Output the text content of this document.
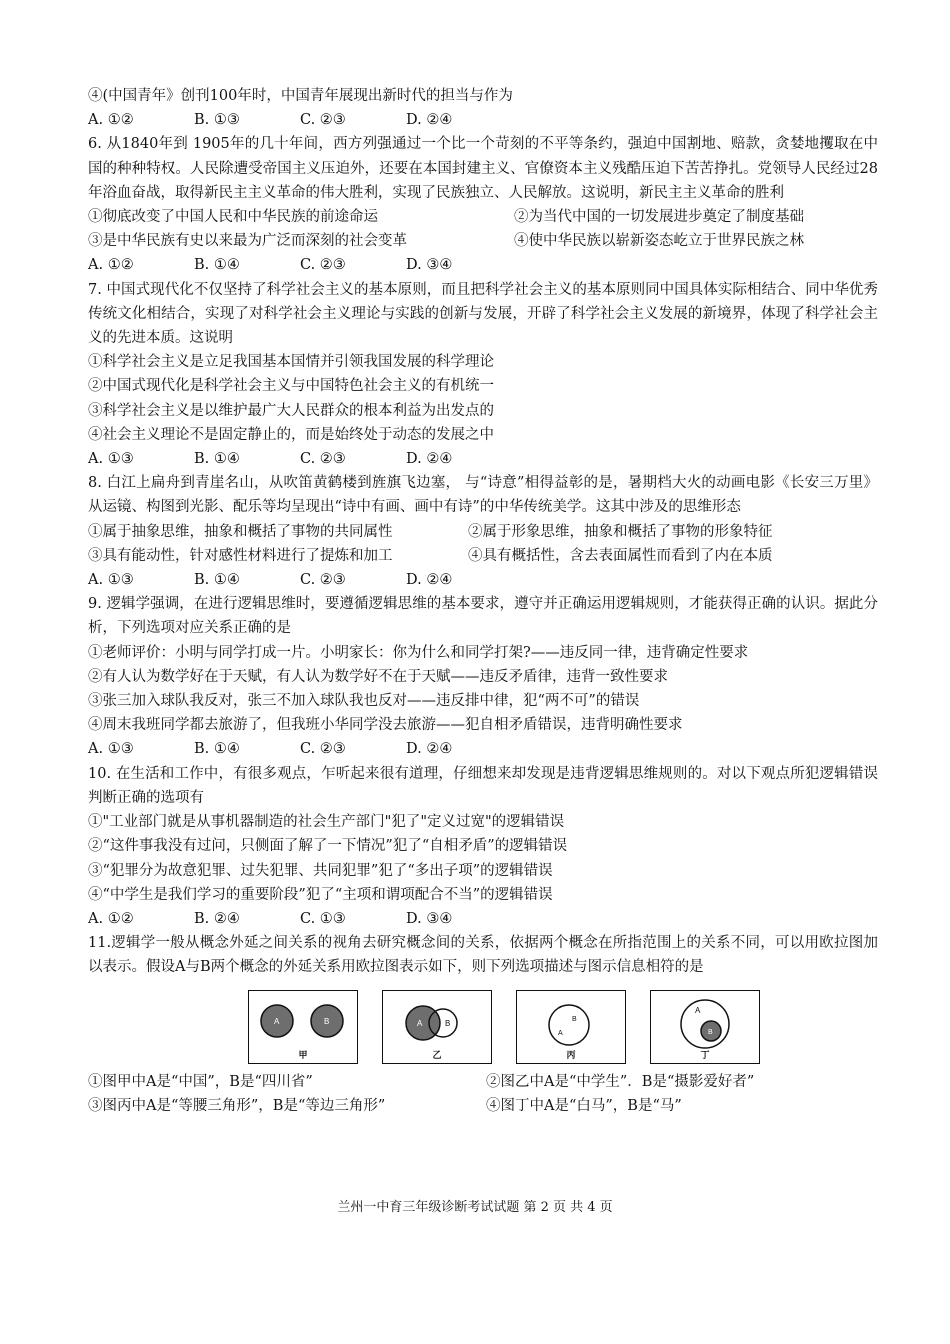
④(中国青年》创刊100年时，中国青年展现出新时代的担当与作为
A. ①②	B. ①③	C. ②③	D. ②④
6. 从1840年到 1905年的几十年间，西方列强通过一个比一个苛刻的不平等条约，强迫中国割地、赔款，贪婪地攫取在中国的种种特权。人民除遭受帝国主义压迫外，还要在本国封建主义、官僚资本主义残酷压迫下苦苦挣扎。党领导人民经过28年浴血奋战，取得新民主主义革命的伟大胜利，实现了民族独立、人民解放。这说明，新民主主义革命的胜利
①彻底改变了中国人民和中华民族的前途命运	②为当代中国的一切发展进步奠定了制度基础
③是中华民族有史以来最为广泛而深刻的社会变革	④使中华民族以崭新姿态屹立于世界民族之林
A. ①②	B. ①④	C. ②③	D. ③④
7. 中国式现代化不仅坚持了科学社会主义的基本原则，而且把科学社会主义的基本原则同中国具体实际相结合、同中华优秀传统文化相结合，实现了对科学社会主义理论与实践的创新与发展，开辟了科学社会主义发展的新境界，体现了科学社会主义的先进本质。这说明
①科学社会主义是立足我国基本国情并引领我国发展的科学理论
②中国式现代化是科学社会主义与中国特色社会主义的有机统一
③科学社会主义是以维护最广大人民群众的根本利益为出发点的
④社会主义理论不是固定静止的，而是始终处于动态的发展之中
A. ①③	B. ①④	C. ②③	D. ②④
8. 白江上扁舟到青崖名山，从吹笛黄鹤楼到旌旗飞边塞， 与“诗意”相得益彰的是，暑期档大火的动画电影《长安三万里》从运镜、构图到光影、配乐等均呈现出“诗中有画、画中有诗”的中华传统美学。这其中涉及的思维形态
①属于抽象思维，抽象和概括了事物的共同属性	②属于形象思维，抽象和概括了事物的形象特征
③具有能动性，针对感性材料进行了提炼和加工	④具有概括性，含去表面属性而看到了内在本质
A. ①③	B. ①④	C. ②③	D. ②④
9. 逻辑学强调，在进行逻辑思维时，要遵循逻辑思维的基本要求，遵守并正确运用逻辑规则，才能获得正确的认识。据此分析，下列选项对应关系正确的是
①老师评价：小明与同学打成一片。小明家长：你为什么和同学打架?——违反同一律，违背确定性要求
②有人认为数学好在于天赋，有人认为数学好不在于天赋——违反矛盾律，违背一致性要求
③张三加入球队我反对，张三不加入球队我也反对——违反排中律，犯“两不可”的错误
④周末我班同学都去旅游了，但我班小华同学没去旅游——犯自相矛盾错误，违背明确性要求
A. ①③	B. ①④	C. ②③	D. ②④
10. 在生活和工作中，有很多观点，乍听起来很有道理，仔细想来却发现是违背逻辑思维规则的。对以下观点所犯逻辑错误判断正确的选项有
①"工业部门就是从事机器制造的社会生产部门"犯了"定义过宽"的逻辑错误
②“这件事我没有过问，只侧面了解了一下情况”犯了“自相矛盾”的逻辑错误
③“犯罪分为故意犯罪、过失犯罪、共同犯罪”犯了“多出子项”的逻辑错误
④“中学生是我们学习的重要阶段”犯了“主项和谓项配合不当”的逻辑错误
A. ①②	B. ②④	C. ①③	D. ③④
11.逻辑学一般从概念外延之间关系的视角去研究概念间的关系，依据两个概念在所指范围上的关系不同，可以用欧拉图加以表示。假设A与B两个概念的外延关系用欧拉图表示如下，则下列选项描述与图示信息相符的是
A	B
甲
A	B
乙
A
B
丙
A
B
丁
①图甲中A是“中国”，B是“四川省”	②图乙中A是“中学生”．B是“摄影爱好者”
③图丙中A是“等腰三角形”，B是“等边三角形”	④图丁中A是“白马”，B是“马”
兰州一中育三年级诊断考试试题 第 2 页 共 4 页
